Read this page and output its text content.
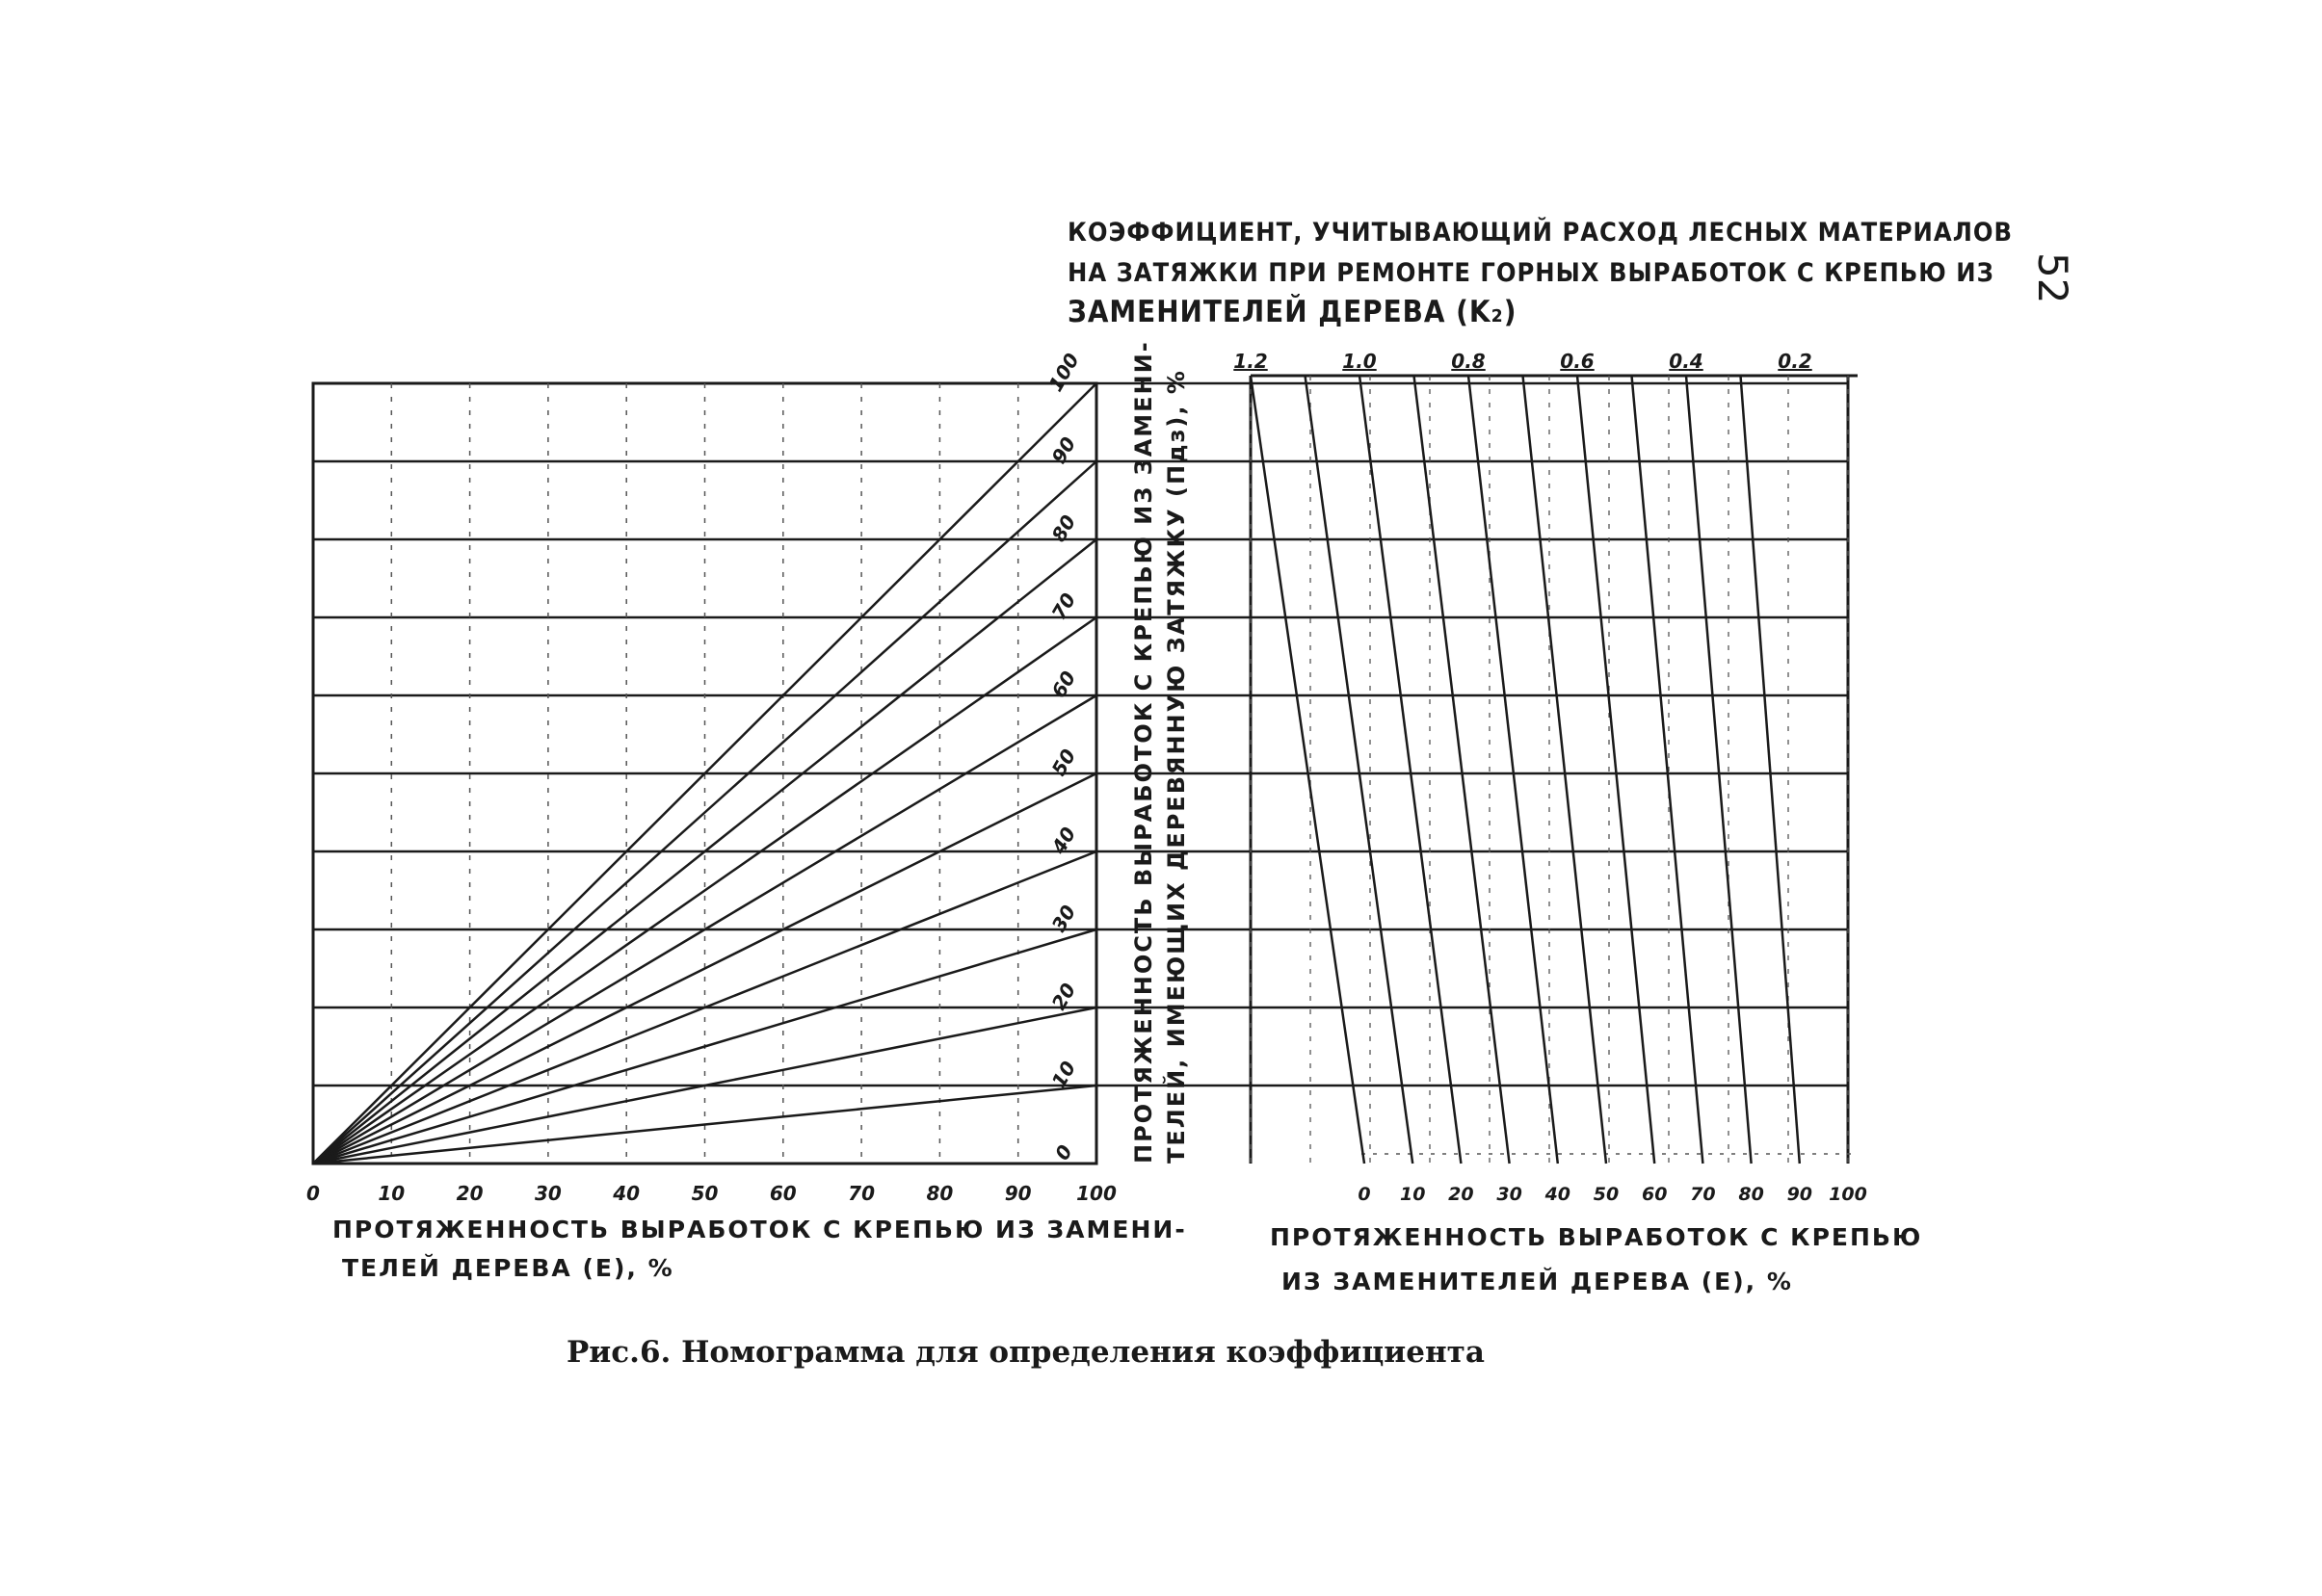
0	10	20	30	40	50	60	70	80	90 100
0
10
20
30
40
50
60
70
80
90
100	1.2	1.0	0.8	0.6	0.4	0.2
0 10 20 30 40 50 60 70 80 90 100
52
КОЭФФИЦИЕНТ, УЧИТЫВАЮЩИЙ РАСХОД ЛЕСНЫХ МАТЕРИАЛОВ
НА ЗАТЯЖКИ ПРИ РЕМОНТЕ ГОРНЫХ ВЫРАБОТОК С КРЕПЬЮ ИЗ
ЗАМЕНИТЕЛЕЙ ДЕРЕВА (K₂)
ПРОТЯЖЕННОСТЬ ВЫРАБОТОК С КРЕПЬЮ ИЗ ЗАМЕНИ- ТЕЛЕЙ, ИМЕЮЩИХ ДЕРЕВЯННУЮ ЗАТЯЖКУ (Пдз), %
ПРОТЯЖЕННОСТЬ ВЫРАБОТОК С КРЕПЬЮ ИЗ ЗАМЕНИ-
ТЕЛЕЙ ДЕРЕВА (E), %
ПРОТЯЖЕННОСТЬ ВЫРАБОТОК С КРЕПЬЮ
ИЗ ЗАМЕНИТЕЛЕЙ ДЕРЕВА (E), %
Рис.6. Номограмма для определения коэффициента
